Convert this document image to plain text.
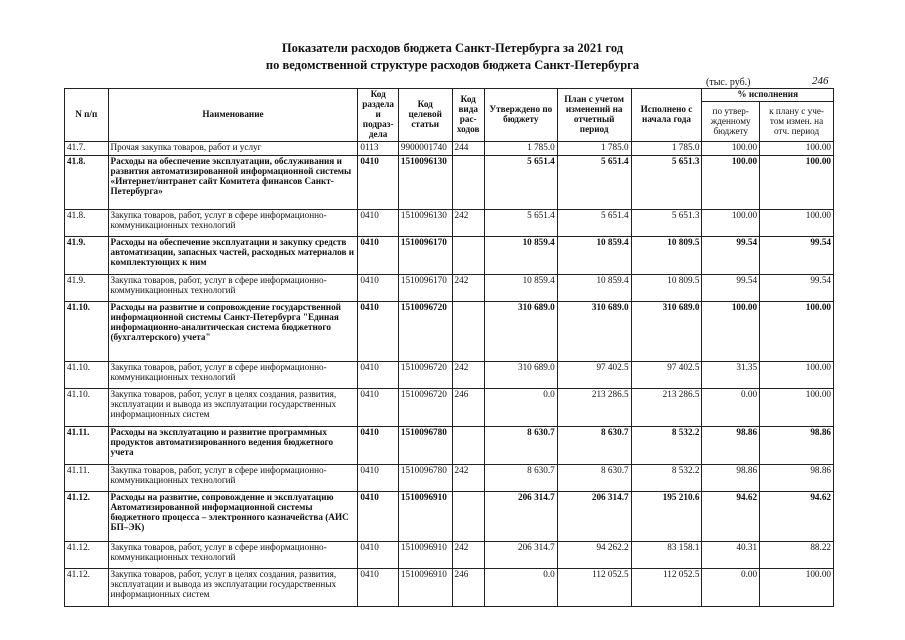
Показатели расходов бюджета Санкт-Петербурга за 2021 год
по ведомственной структуре расходов бюджета Санкт-Петербурга
(тыс. руб.)	246
N п/п	Наименование	Код раздела и подраз-дела	Код целевой статьи	Код вида рас-ходов	Утверждено по бюджету	План с учетом изменений на отчетный период	Исполнено с начала года	% исполнения	
								по утвер-жденному бюджету	к плану с уче-том измен. на отч. период
41.7.	Прочая закупка товаров, работ и услуг	0113	9900001740	244	1 785.0	1 785.0	1 785.0	100.00	100.00
41.8.	Расходы на обеспечение эксплуатации, обслуживания и развития автоматизированной информационной системы «Интернет/интранет сайт Комитета финансов Санкт-Петербурга»	0410	1510096130		5 651.4	5 651.4	5 651.3	100.00	100.00
41.8.	Закупка товаров, работ, услуг в сфере информационно-коммуникационных технологий	0410	1510096130	242	5 651.4	5 651.4	5 651.3	100.00	100.00
41.9.	Расходы на обеспечение эксплуатации и закупку средств автоматизации, запасных частей, расходных материалов и комплектующих к ним	0410	1510096170		10 859.4	10 859.4	10 809.5	99.54	99.54
41.9.	Закупка товаров, работ, услуг в сфере информационно-коммуникационных технологий	0410	1510096170	242	10 859.4	10 859.4	10 809.5	99.54	99.54
41.10.	Расходы на развитие и сопровождение государственной информационной системы Санкт-Петербурга "Единая информационно-аналитическая система бюджетного (бухгалтерского) учета"	0410	1510096720		310 689.0	310 689.0	310 689.0	100.00	100.00
41.10.	Закупка товаров, работ, услуг в сфере информационно-коммуникационных технологий	0410	1510096720	242	310 689.0	97 402.5	97 402.5	31.35	100.00
41.10.	Закупка товаров, работ, услуг в целях создания, развития, эксплуатации и вывода из эксплуатации государственных информационных систем	0410	1510096720	246	0.0	213 286.5	213 286.5	0.00	100.00
41.11.	Расходы на эксплуатацию и развитие программных продуктов автоматизированного ведения бюджетного учета	0410	1510096780		8 630.7	8 630.7	8 532.2	98.86	98.86
41.11.	Закупка товаров, работ, услуг в сфере информационно-коммуникационных технологий	0410	1510096780	242	8 630.7	8 630.7	8 532.2	98.86	98.86
41.12.	Расходы на развитие, сопровождение и эксплуатацию Автоматизированной информационной системы бюджетного процесса – электронного казначейства (АИС БП–ЭК)	0410	1510096910		206 314.7	206 314.7	195 210.6	94.62	94.62
41.12.	Закупка товаров, работ, услуг в сфере информационно-коммуникационных технологий	0410	1510096910	242	206 314.7	94 262.2	83 158.1	40.31	88.22
41.12.	Закупка товаров, работ, услуг в целях создания, развития, эксплуатации и вывода из эксплуатации государственных информационных систем	0410	1510096910	246	0.0	112 052.5	112 052.5	0.00	100.00
